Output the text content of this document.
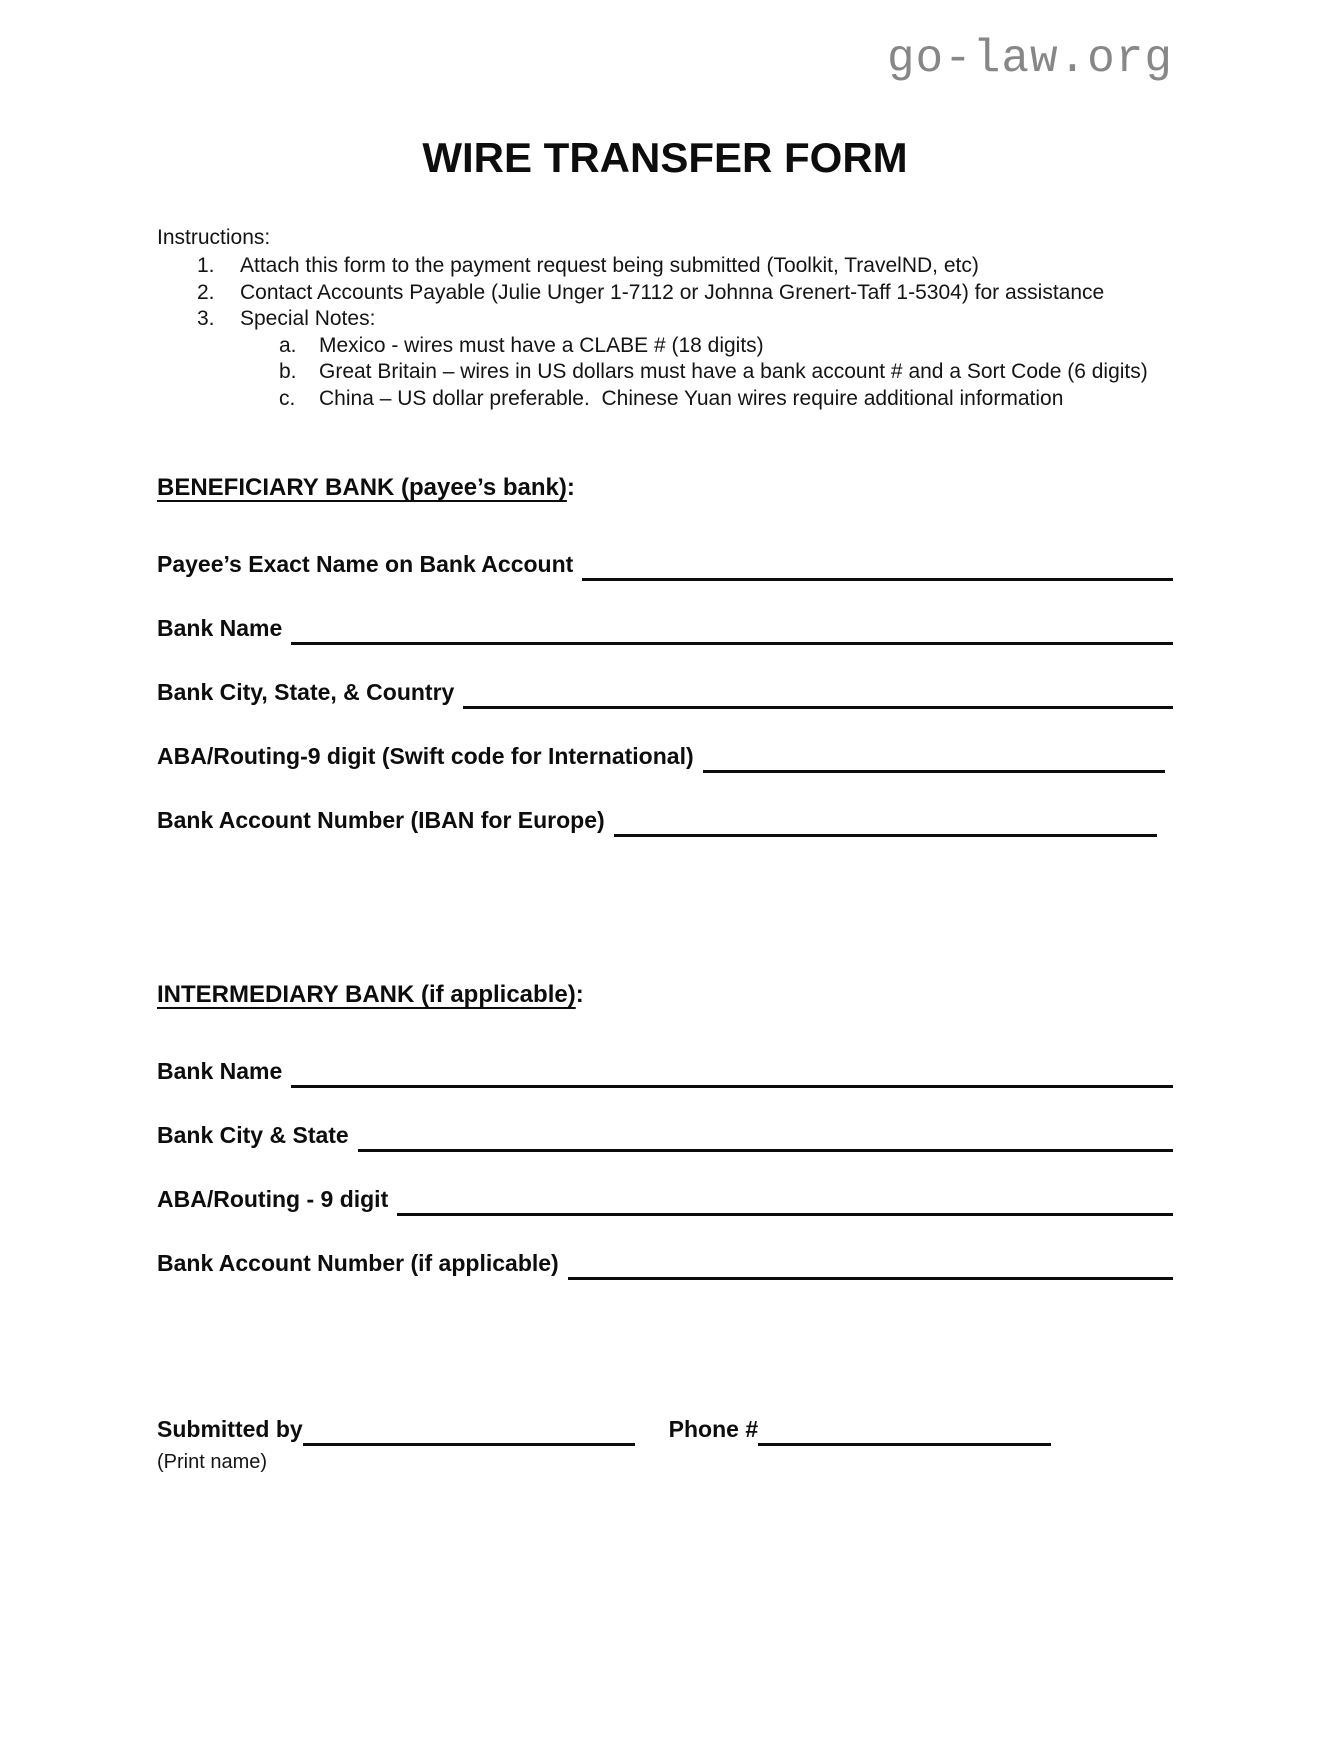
go-law.org
WIRE TRANSFER FORM
Instructions:
1.	Attach this form to the payment request being submitted (Toolkit, TravelND, etc)
2.	Contact Accounts Payable (Julie Unger 1-7112 or Johnna Grenert-Taff 1-5304) for assistance
3.	Special Notes:
a.	Mexico - wires must have a CLABE # (18 digits)
b.	Great Britain – wires in US dollars must have a bank account # and a Sort Code (6 digits)
c.	China – US dollar preferable.  Chinese Yuan wires require additional information
BENEFICIARY BANK (payee’s bank):
Payee’s Exact Name on Bank Account
Bank Name
Bank City, State, & Country
ABA/Routing-9 digit (Swift code for International)
Bank Account Number (IBAN for Europe)
INTERMEDIARY BANK (if applicable):
Bank Name
Bank City & State
ABA/Routing - 9 digit
Bank Account Number (if applicable)
Submitted by	Phone #
(Print name)
